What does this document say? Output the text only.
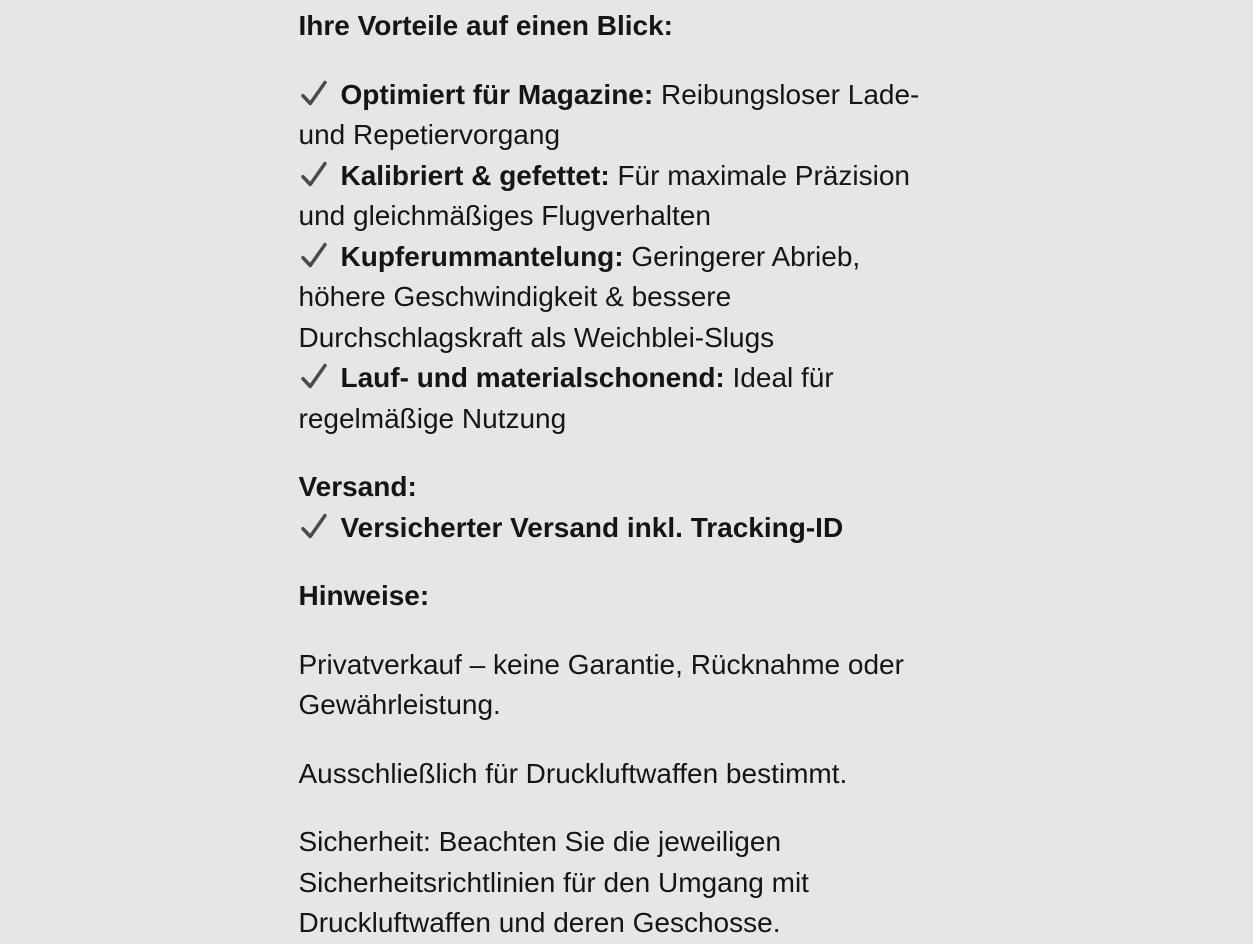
Ihre Vorteile auf einen Blick:
Optimiert für Magazine: Reibungsloser Lade-
und Repetiervorgang
Kalibriert & gefettet: Für maximale Präzision
und gleichmäßiges Flugverhalten
Kupferummantelung: Geringerer Abrieb,
höhere Geschwindigkeit & bessere
Durchschlagskraft als Weichblei-Slugs
Lauf- und materialschonend: Ideal für
regelmäßige Nutzung
Versand:
Versicherter Versand inkl. Tracking-ID
Hinweise:
Privatverkauf – keine Garantie, Rücknahme oder
Gewährleistung.
Ausschließlich für Druckluftwaffen bestimmt.
Sicherheit: Beachten Sie die jeweiligen
Sicherheitsrichtlinien für den Umgang mit
Druckluftwaffen und deren Geschosse.
